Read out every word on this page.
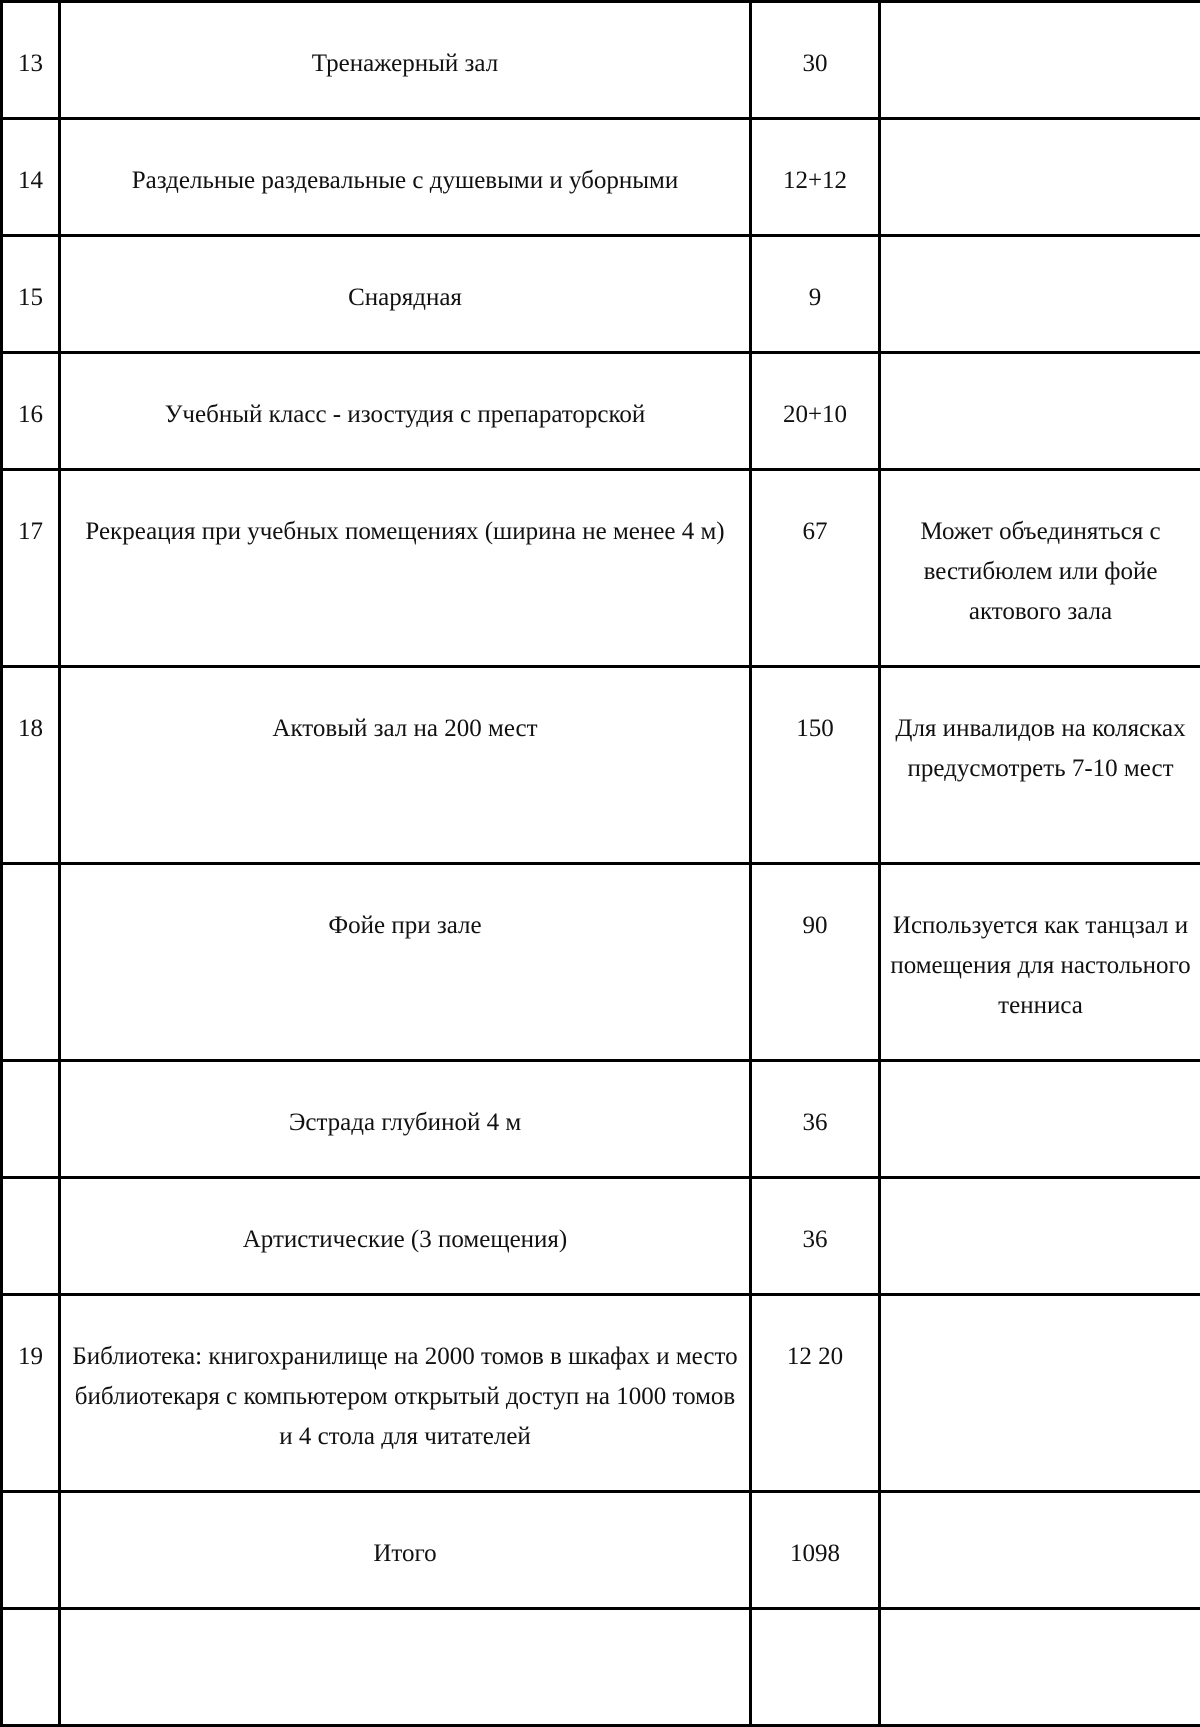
13	Тренажерный зал	30	
14	Раздельные раздевальные с душевыми и уборными	12+12	
15	Снарядная	9	
16	Учебный класс - изостудия с препараторской	20+10	
17	Рекреация при учебных помещениях (ширина не менее 4 м)	67	Может объединяться с вестибюлем или фойе актового зала
18	Актовый зал на 200 мест	150	Для инвалидов на колясках предусмотреть 7-10 мест
	Фойе при зале	90	Используется как танцзал и помещения для настольного тенниса
	Эстрада глубиной 4 м	36	
	Артистические (3 помещения)	36	
19	Библиотека: книгохранилище на 2000 томов в шкафах и место библиотекаря с компьютером открытый доступ на 1000 томов и 4 стола для читателей	12 20	
	Итого	1098	
